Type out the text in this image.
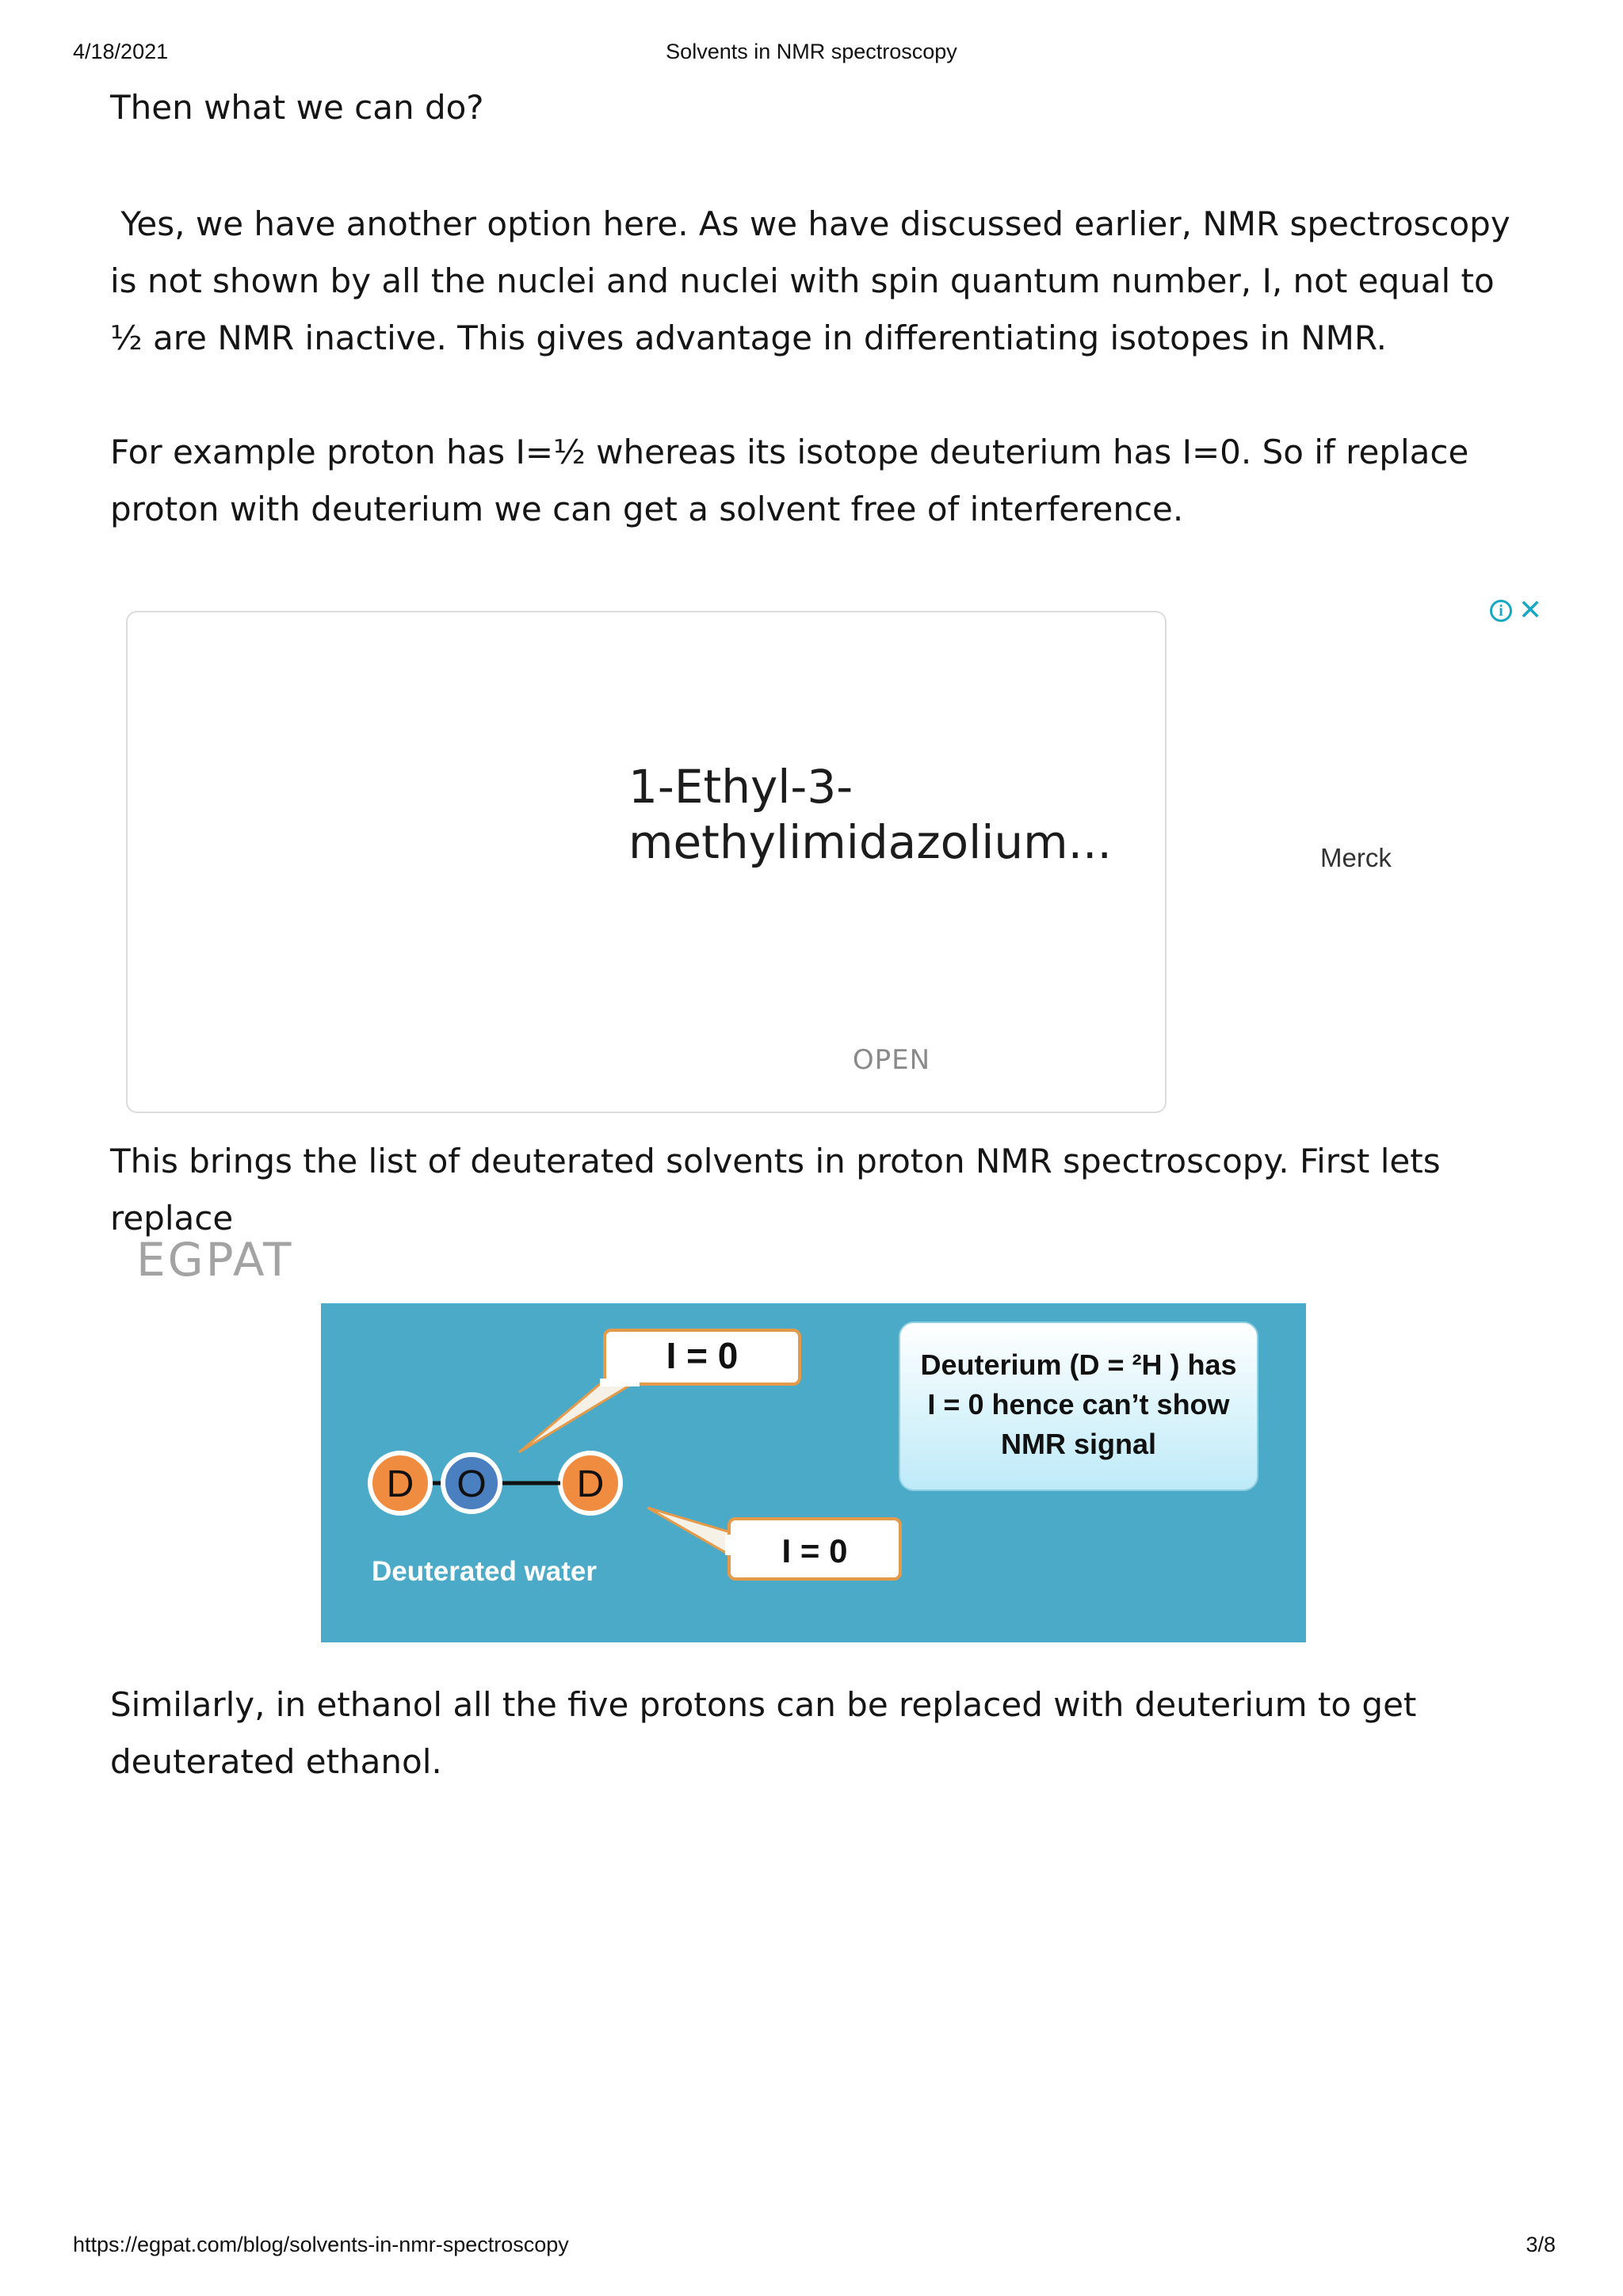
4/18/2021	Solvents in NMR spectroscopy

Then what we can do?

Yes, we have another option here. As we have discussed earlier, NMR spectroscopy is not shown by all the nuclei and nuclei with spin quantum number, I, not equal to ½ are NMR inactive. This gives advantage in differentiating isotopes in NMR.

For example proton has I=½ whereas its isotope deuterium has I=0. So if replace proton with deuterium we can get a solvent free of interference.

1-Ethyl-3-
methylimidazolium...

OPEN
Merck
i ✕

This brings the list of deuterated solvents in proton NMR spectroscopy. First lets replace

EGPAT
I = 0
I = 0
D O D
Deuterated water
Deuterium (D = ²H ) has
I = 0 hence can’t show
NMR signal

Similarly, in ethanol all the five protons can be replaced with deuterium to get deuterated ethanol.

https://egpat.com/blog/solvents-in-nmr-spectroscopy	3/8
